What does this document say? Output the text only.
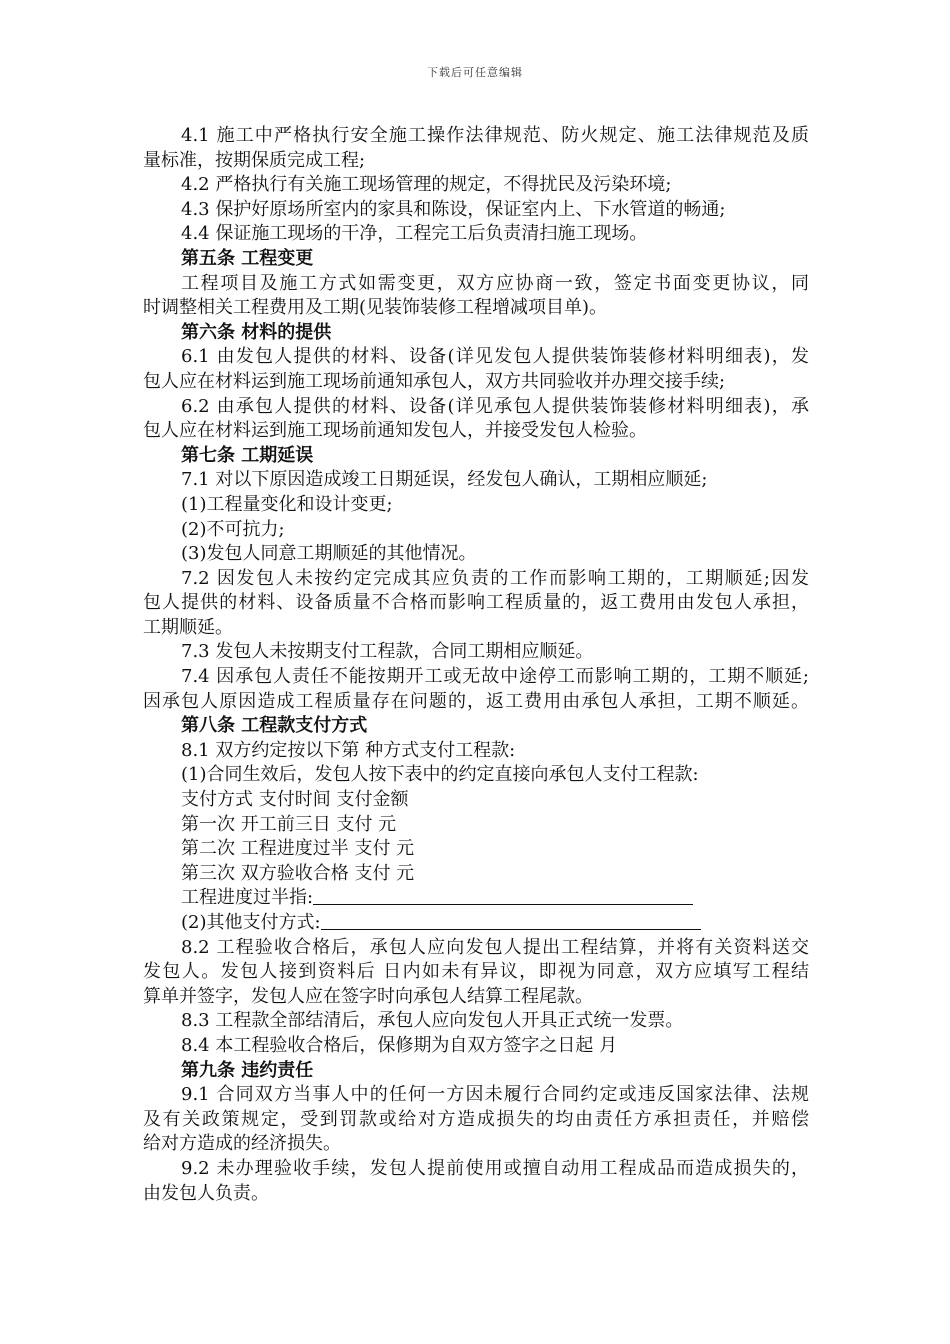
下载后可任意编辑
4.1 施工中严格执行安全施工操作法律规范、防火规定、施工法律规范及质
量标准，按期保质完成工程;
4.2 严格执行有关施工现场管理的规定，不得扰民及污染环境;
4.3 保护好原场所室内的家具和陈设，保证室内上、下水管道的畅通;
4.4 保证施工现场的干净，工程完工后负责清扫施工现场。
第五条 工程变更
工程项目及施工方式如需变更，双方应协商一致，签定书面变更协议，同
时调整相关工程费用及工期(见装饰装修工程增减项目单)。
第六条 材料的提供
6.1 由发包人提供的材料、设备(详见发包人提供装饰装修材料明细表)，发
包人应在材料运到施工现场前通知承包人，双方共同验收并办理交接手续;
6.2 由承包人提供的材料、设备(详见承包人提供装饰装修材料明细表)，承
包人应在材料运到施工现场前通知发包人，并接受发包人检验。
第七条 工期延误
7.1 对以下原因造成竣工日期延误，经发包人确认，工期相应顺延;
(1)工程量变化和设计变更;
(2)不可抗力;
(3)发包人同意工期顺延的其他情况。
7.2 因发包人未按约定完成其应负责的工作而影响工期的，工期顺延;因发
包人提供的材料、设备质量不合格而影响工程质量的，返工费用由发包人承担，
工期顺延。
7.3 发包人未按期支付工程款，合同工期相应顺延。
7.4 因承包人责任不能按期开工或无故中途停工而影响工期的，工期不顺延;
因承包人原因造成工程质量存在问题的，返工费用由承包人承担，工期不顺延。
第八条 工程款支付方式
8.1 双方约定按以下第 种方式支付工程款:
(1)合同生效后，发包人按下表中的约定直接向承包人支付工程款:
支付方式 支付时间 支付金额
第一次 开工前三日 支付 元
第二次 工程进度过半 支付 元
第三次 双方验收合格 支付 元
工程进度过半指:
(2)其他支付方式:
8.2 工程验收合格后，承包人应向发包人提出工程结算，并将有关资料送交
发包人。发包人接到资料后 日内如未有异议，即视为同意，双方应填写工程结
算单并签字，发包人应在签字时向承包人结算工程尾款。
8.3 工程款全部结清后，承包人应向发包人开具正式统一发票。
8.4 本工程验收合格后，保修期为自双方签字之日起 月
第九条 违约责任
9.1 合同双方当事人中的任何一方因未履行合同约定或违反国家法律、法规
及有关政策规定，受到罚款或给对方造成损失的均由责任方承担责任，并赔偿
给对方造成的经济损失。
9.2 未办理验收手续，发包人提前使用或擅自动用工程成品而造成损失的，
由发包人负责。
